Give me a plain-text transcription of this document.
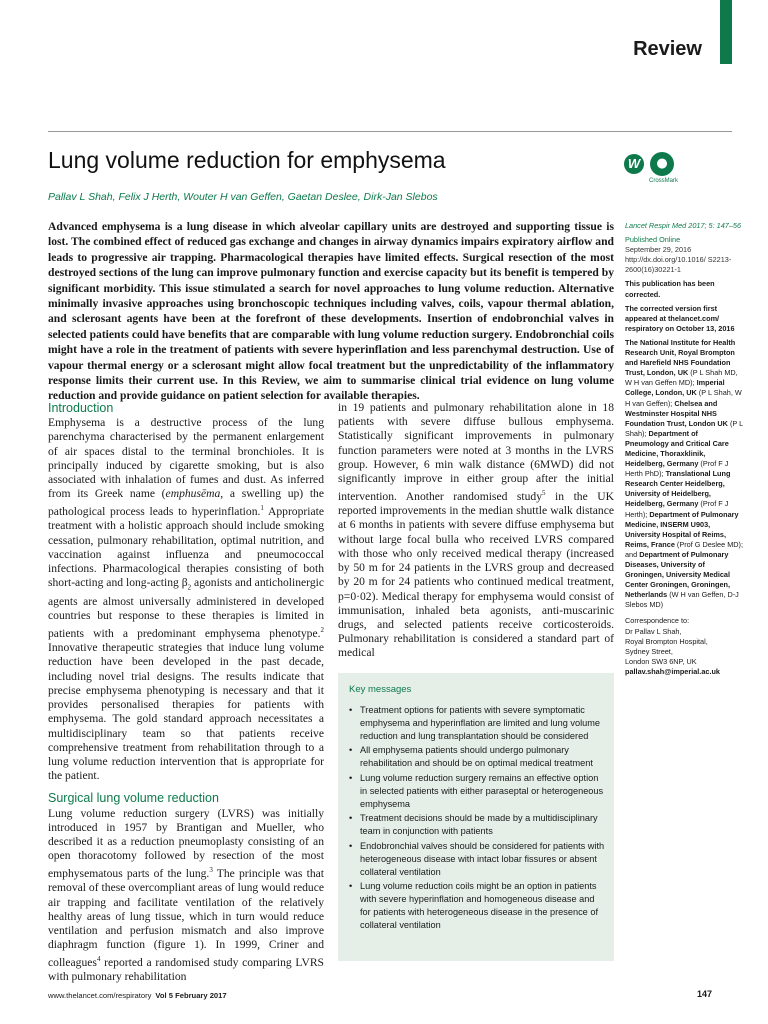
Review
Lung volume reduction for emphysema

Pallav L Shah, Felix J Herth, Wouter H van Geffen, Gaetan Deslee, Dirk-Jan Slebos

W	●
CrossMark

Advanced emphysema is a lung disease in which alveolar capillary units are destroyed and supporting tissue is lost. The combined effect of reduced gas exchange and changes in airway dynamics impairs expiratory airflow and leads to progressive air trapping. Pharmacological therapies have limited effects. Surgical resection of the most destroyed sections of the lung can improve pulmonary function and exercise capacity but its benefit is tempered by significant morbidity. This issue stimulated a search for novel approaches to lung volume reduction. Alternative minimally invasive approaches using bronchoscopic techniques including valves, coils, vapour thermal ablation, and sclerosant agents have been at the forefront of these developments. Insertion of endobronchial valves in selected patients could have benefits that are comparable with lung volume reduction surgery. Endobronchial coils might have a role in the treatment of patients with severe hyperinflation and less parenchymal destruction. Use of vapour thermal energy or a sclerosant might allow focal treatment but the unpredictability of the inflammatory response limits their current use. In this Review, we aim to summarise clinical trial evidence on lung volume reduction and provide guidance on patient selection for available therapies.

Introduction

Emphysema is a destructive process of the lung parenchyma characterised by the permanent enlargement of air spaces distal to the terminal bronchioles. It is principally induced by cigarette smoking, but is also associated with inhalation of fumes and dust. As inferred from its Greek name (emphusēma, a swelling up) the pathological process leads to hyperinflation.$^1$ Appropriate treatment with a holistic approach should include smoking cessation, pulmonary rehabilitation, optimal nutrition, and vaccination against influenza and pneumococcal infections. Pharmacological therapies consisting of both short-acting and long-acting $\beta_2$ agonists and anticholinergic agents are almost universally administered in developed countries but response to these therapies is limited in patients with a predominant emphysema phenotype.$^2$ Innovative therapeutic strategies that induce lung volume reduction have been developed in the past decade, including novel trial designs. The results indicate that precise emphysema phenotyping is necessary and that it provides personalised therapies for patients with emphysema. The gold standard approach necessitates a multidisciplinary team so that patients receive comprehensive treatment from rehabilitation through to a lung volume reduction intervention that is appropriate for the patient.

Surgical lung volume reduction

Lung volume reduction surgery (LVRS) was initially introduced in 1957 by Brantigan and Mueller, who described it as a reduction pneumoplasty consisting of an open thoracotomy followed by resection of the most emphysematous parts of the lung.$^3$ The principle was that removal of these overcompliant areas of lung would reduce air trapping and facilitate ventilation of the relatively healthy areas of lung tissue, which in turn would reduce ventilation and perfusion mismatch and also improve diaphragm function (figure 1). In 1999, Criner and colleagues$^4$ reported a randomised study comparing LVRS with pulmonary rehabilitation

in 19 patients and pulmonary rehabilitation alone in 18 patients with severe diffuse bullous emphysema. Statistically significant improvements in pulmonary function parameters were noted at 3 months in the LVRS group. However, 6 min walk distance (6MWD) did not significantly improve in either group after the initial intervention. Another randomised study$^5$ in the UK reported improvements in the median shuttle walk distance at 6 months in patients with severe diffuse emphysema but without large focal bulla who received LVRS compared with those who only received medical therapy (increased by 50 m for 24 patients in the LVRS group and decreased by 20 m for 24 patients who continued medical treatment, p=0·02). Medical therapy for emphysema would consist of immunisation, inhaled beta agonists, anti-muscarinic drugs, and selected patients receive corticosteroids. Pulmonary rehabilitation is considered a standard part of medical

Key messages
• Treatment options for patients with severe symptomatic emphysema and hyperinflation are limited and lung volume reduction and lung transplantation should be considered
• All emphysema patients should undergo pulmonary rehabilitation and should be on optimal medical treatment
• Lung volume reduction surgery remains an effective option in selected patients with either paraseptal or heterogeneous emphysema
• Treatment decisions should be made by a multidisciplinary team in conjunction with patients
• Endobronchial valves should be considered for patients with heterogeneous disease with intact lobar fissures or absent collateral ventilation
• Lung volume reduction coils might be an option in patients with severe hyperinflation and homogeneous disease and for patients with heterogeneous disease in the presence of collateral ventilation

Lancet Respir Med 2017; 5: 147–56

Published Online
September 29, 2016
http://dx.doi.org/10.1016/ S2213-2600(16)30221-1

This publication has been corrected.

The corrected version first appeared at thelancet.com/ respiratory on October 13, 2016

The National Institute for Health Research Unit, Royal Brompton and Harefield NHS Foundation Trust, London, UK (P L Shah MD, W H van Geffen MD); Imperial College, London, UK (P L Shah, W H van Geffen); Chelsea and Westminster Hospital NHS Foundation Trust, London UK (P L Shah); Department of Pneumology and Critical Care Medicine, Thoraxklinik, Heidelberg, Germany (Prof F J Herth PhD); Translational Lung Research Center Heidelberg, University of Heidelberg, Heidelberg, Germany (Prof F J Herth); Department of Pulmonary Medicine, INSERM U903, University Hospital of Reims, Reims, France (Prof G Deslee MD); and Department of Pulmonary Diseases, University of Groningen, University Medical Center Groningen, Groningen, Netherlands (W H van Geffen, D-J Slebos MD)

Correspondence to:
Dr Pallav L Shah,
Royal Brompton Hospital,
Sydney Street,
London SW3 6NP, UK
pallav.shah@imperial.ac.uk

www.thelancet.com/respiratory Vol 5 February 2017	147
